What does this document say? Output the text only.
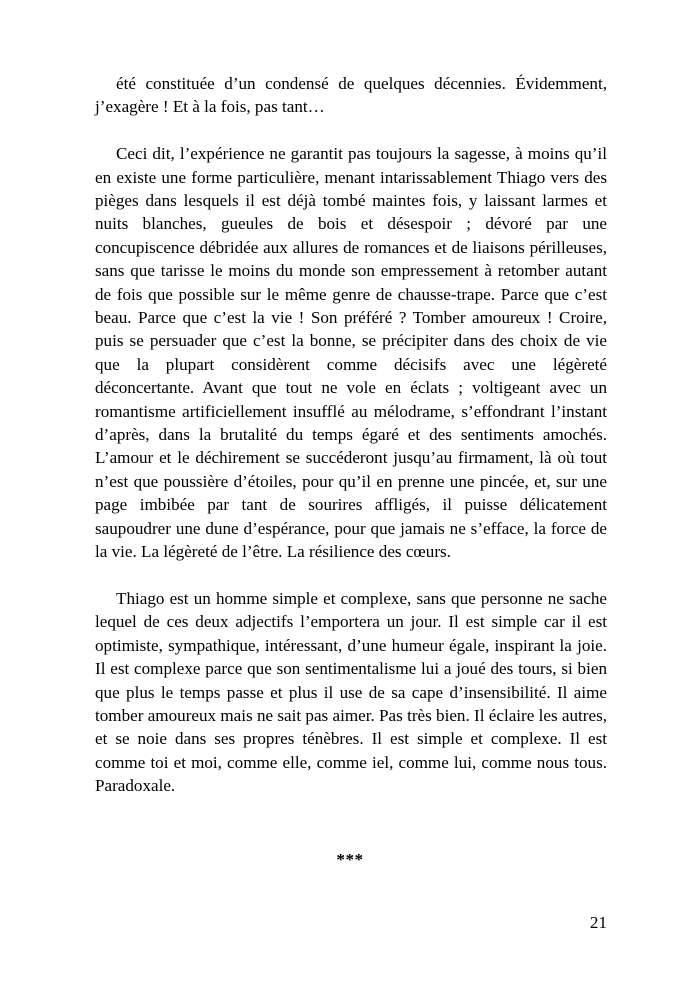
été constituée d’un condensé de quelques décennies. Évidemment, j’exagère ! Et à la fois, pas tant…

Ceci dit, l’expérience ne garantit pas toujours la sagesse, à moins qu’il en existe une forme particulière, menant intarissablement Thiago vers des pièges dans lesquels il est déjà tombé maintes fois, y laissant larmes et nuits blanches, gueules de bois et désespoir ; dévoré par une concupiscence débridée aux allures de romances et de liaisons périlleuses, sans que tarisse le moins du monde son empressement à retomber autant de fois que possible sur le même genre de chausse-trape. Parce que c’est beau. Parce que c’est la vie ! Son préféré ? Tomber amoureux ! Croire, puis se persuader que c’est la bonne, se précipiter dans des choix de vie que la plupart considèrent comme décisifs avec une légèreté déconcertante. Avant que tout ne vole en éclats ; voltigeant avec un romantisme artificiellement insufflé au mélodrame, s’effondrant l’instant d’après, dans la brutalité du temps égaré et des sentiments amochés. L’amour et le déchirement se succéderont jusqu’au firmament, là où tout n’est que poussière d’étoiles, pour qu’il en prenne une pincée, et, sur une page imbibée par tant de sourires affligés, il puisse délicatement saupoudrer une dune d’espérance, pour que jamais ne s’efface, la force de la vie. La légèreté de l’être. La résilience des cœurs.

Thiago est un homme simple et complexe, sans que personne ne sache lequel de ces deux adjectifs l’emportera un jour. Il est simple car il est optimiste, sympathique, intéressant, d’une humeur égale, inspirant la joie. Il est complexe parce que son sentimentalisme lui a joué des tours, si bien que plus le temps passe et plus il use de sa cape d’insensibilité. Il aime tomber amoureux mais ne sait pas aimer. Pas très bien. Il éclaire les autres, et se noie dans ses propres ténèbres. Il est simple et complexe. Il est comme toi et moi, comme elle, comme iel, comme lui, comme nous tous. Paradoxale.

***
21
